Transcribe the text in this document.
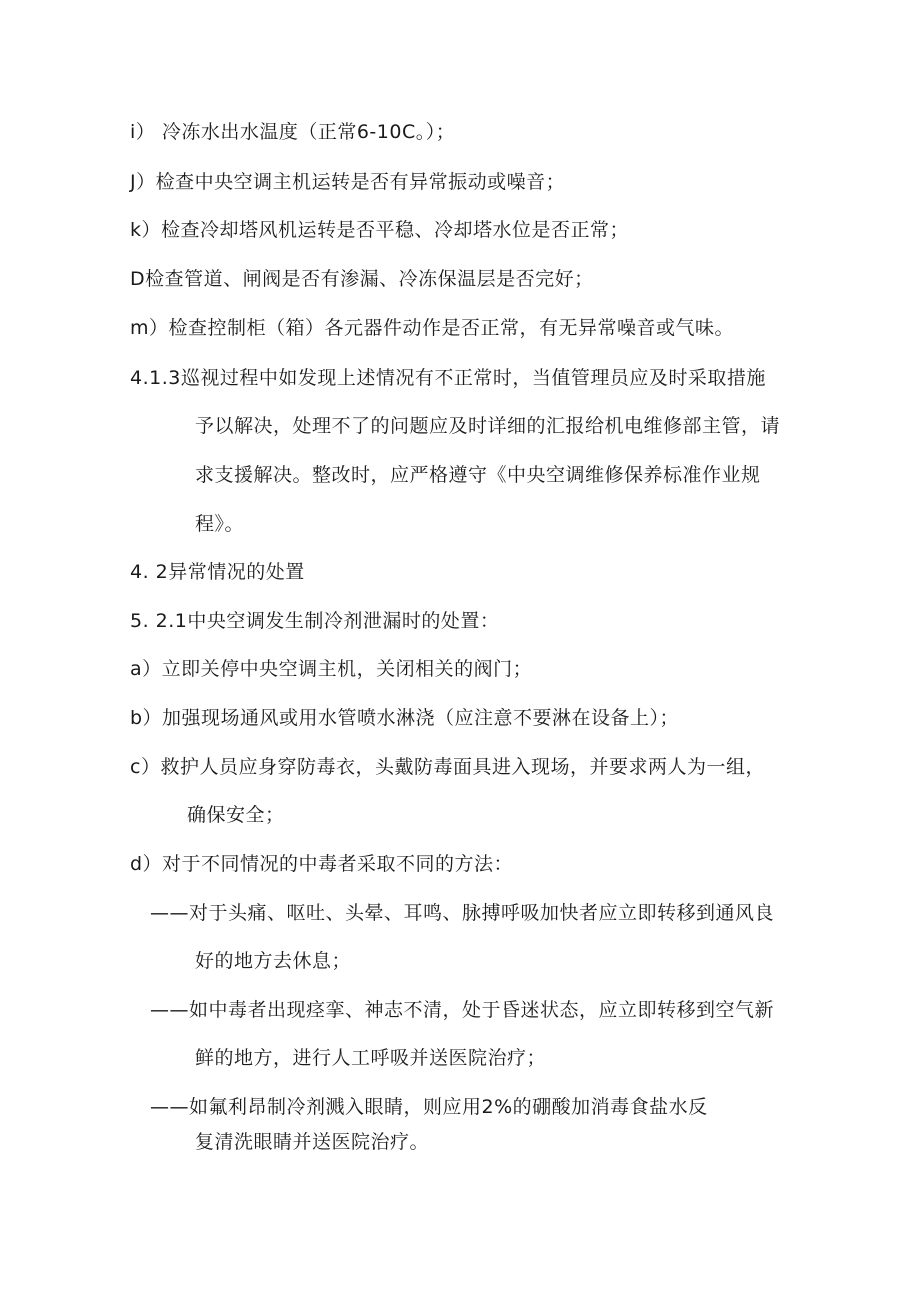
i） 冷冻水出水温度（正常6-10C。）；
J）检查中央空调主机运转是否有异常振动或噪音；
k）检查冷却塔风机运转是否平稳、冷却塔水位是否正常；
D检查管道、闸阀是否有渗漏、冷冻保温层是否完好；
m）检查控制柜（箱）各元器件动作是否正常，有无异常噪音或气味。
4.1.3巡视过程中如发现上述情况有不正常时，当值管理员应及时采取措施
予以解决，处理不了的问题应及时详细的汇报给机电维修部主管，请
求支援解决。整改时，应严格遵守《中央空调维修保养标准作业规
程》。
4. 2异常情况的处置
5. 2.1中央空调发生制冷剂泄漏时的处置：
a）立即关停中央空调主机，关闭相关的阀门；
b）加强现场通风或用水管喷水淋浇（应注意不要淋在设备上）；
c）救护人员应身穿防毒衣，头戴防毒面具进入现场，并要求两人为一组，
确保安全；
d）对于不同情况的中毒者采取不同的方法：
——对于头痛、呕吐、头晕、耳鸣、脉搏呼吸加快者应立即转移到通风良
好的地方去休息；
——如中毒者出现痉挛、神志不清，处于昏迷状态，应立即转移到空气新
鲜的地方，进行人工呼吸并送医院治疗；
——如氟利昂制冷剂溅入眼睛，则应用2%的硼酸加消毒食盐水反
复清洗眼睛并送医院治疗。
